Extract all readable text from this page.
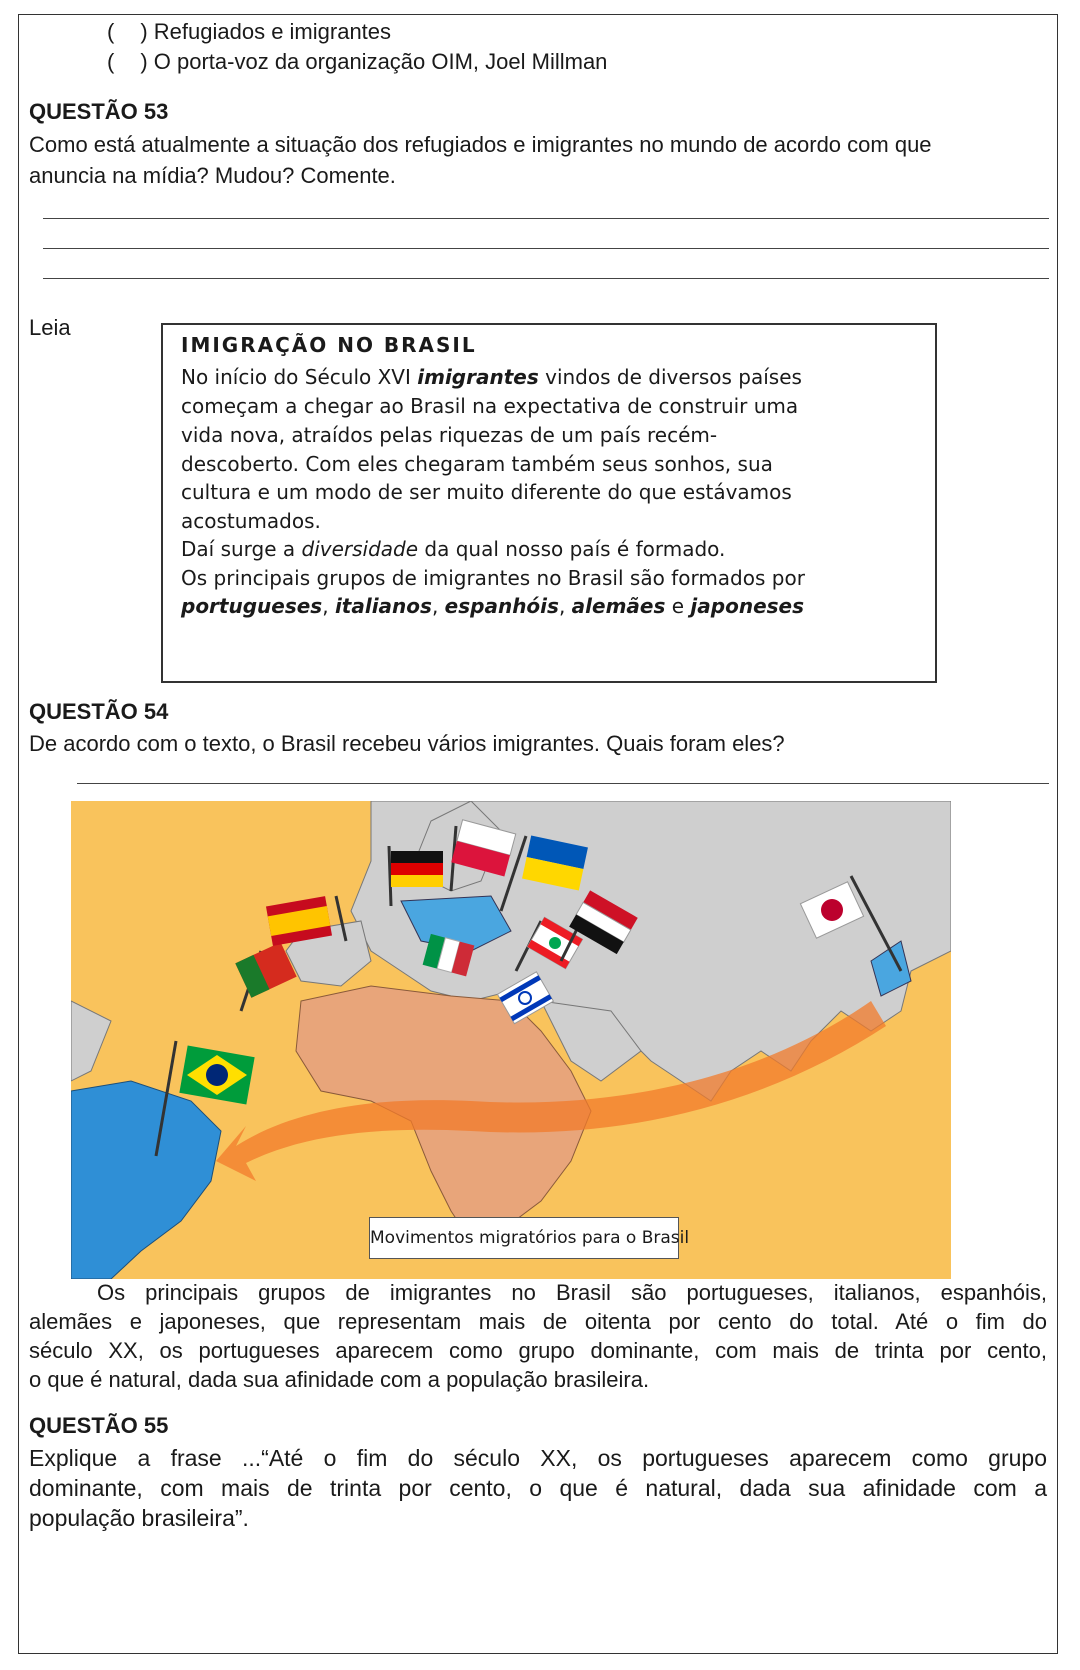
( ) Refugiados e imigrantes
( ) O porta-voz da organização OIM, Joel Millman
QUESTÃO 53
Como está atualmente a situação dos refugiados e imigrantes no mundo de acordo com que
anuncia na mídia? Mudou? Comente.
Leia
IMIGRAÇÃO NO BRASIL
No início do Século XVI imigrantes vindos de diversos países
começam a chegar ao Brasil na expectativa de construir uma
vida nova, atraídos pelas riquezas de um país recém-
descoberto. Com eles chegaram também seus sonhos, sua
cultura e um modo de ser muito diferente do que estávamos
acostumados.
Daí surge a diversidade da qual nosso país é formado.
Os principais grupos de imigrantes no Brasil são formados por
portugueses, italianos, espanhóis, alemães e japoneses
QUESTÃO 54
De acordo com o texto, o Brasil recebeu vários imigrantes. Quais foram eles?
Movimentos migratórios para o Brasil
Os principais grupos de imigrantes no Brasil são portugueses, italianos, espanhóis,
alemães e japoneses, que representam mais de oitenta por cento do total. Até o fim do
século XX, os portugueses aparecem como grupo dominante, com mais de trinta por cento,
o que é natural, dada sua afinidade com a população brasileira.
QUESTÃO 55
Explique a frase ...“Até o fim do século XX, os portugueses aparecem como grupo
dominante, com mais de trinta por cento, o que é natural, dada sua afinidade com a
população brasileira”.
